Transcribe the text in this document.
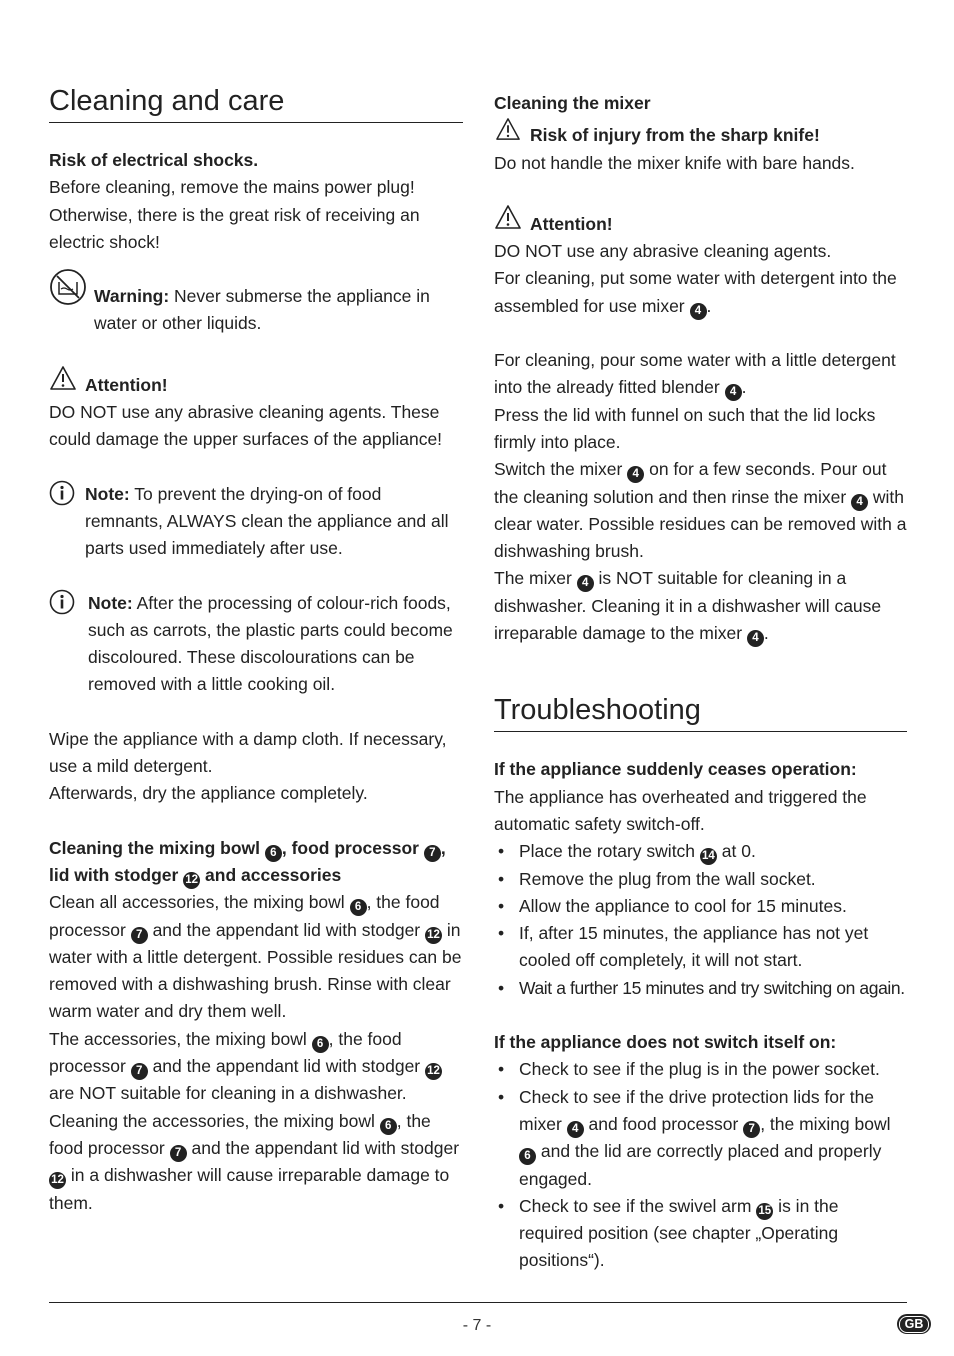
Cleaning and care

Risk of electrical shocks.

Before cleaning, remove the mains power plug! Otherwise, there is the great risk of receiving an electric shock!

Warning: Never submerse the appliance in water or other liquids.

Attention!

DO NOT use any abrasive cleaning agents. These could damage the upper surfaces of the appliance!

Note: To prevent the drying-on of food remnants, ALWAYS clean the appliance and all parts used immediately after use.

Note: After the processing of colour-rich foods, such as carrots, the plastic parts could become discoloured. These discolourations can be removed with a little cooking oil.

Wipe the appliance with a damp cloth. If necessary, use a mild detergent.

Afterwards, dry the appliance completely.

Cleaning the mixing bowl 6 , food processor 7 ,
lid with stodger 12 and accessories

Clean all accessories, the mixing bowl 6 , the food processor 7 and the appendant lid with stodger 12 in water with a little detergent. Possible residues can be removed with a dishwashing brush. Rinse with clear warm water and dry them well.

The accessories, the mixing bowl 6 , the food processor 7 and the appendant lid with stodger 12 are NOT suitable for cleaning in a dishwasher. Cleaning the accessories, the mixing bowl 6 , the food processor 7 and the appendant lid with stodger 12 in a dishwasher will cause irreparable damage to them.

Cleaning the mixer

Risk of injury from the sharp knife!

Do not handle the mixer knife with bare hands.

Attention!

DO NOT use any abrasive cleaning agents.

For cleaning, put some water with detergent into the assembled for use mixer 4 .

For cleaning, pour some water with a little detergent into the already fitted blender 4 .

Press the lid with funnel on such that the lid locks firmly into place.

Switch the mixer 4 on for a few seconds. Pour out the cleaning solution and then rinse the mixer 4 with clear water. Possible residues can be removed with a dishwashing brush.

The mixer 4 is NOT suitable for cleaning in a dishwasher. Cleaning it in a dishwasher will cause irreparable damage to the mixer 4 .

Troubleshooting

If the appliance suddenly ceases operation:

The appliance has overheated and triggered the automatic safety switch-off.

• Place the rotary switch 14 at 0.
• Remove the plug from the wall socket.
• Allow the appliance to cool for 15 minutes.
• If, after 15 minutes, the appliance has not yet cooled off completely, it will not start.
• Wait a further 15 minutes and try switching on again.

If the appliance does not switch itself on:

• Check to see if the plug is in the power socket.
• Check to see if the drive protection lids for the mixer 4 and food processor 7 , the mixing bowl 6 and the lid are correctly placed and properly engaged.
• Check to see if the swivel arm 15 is in the required position (see chapter „Operating positions“).
- 7 -	GB
